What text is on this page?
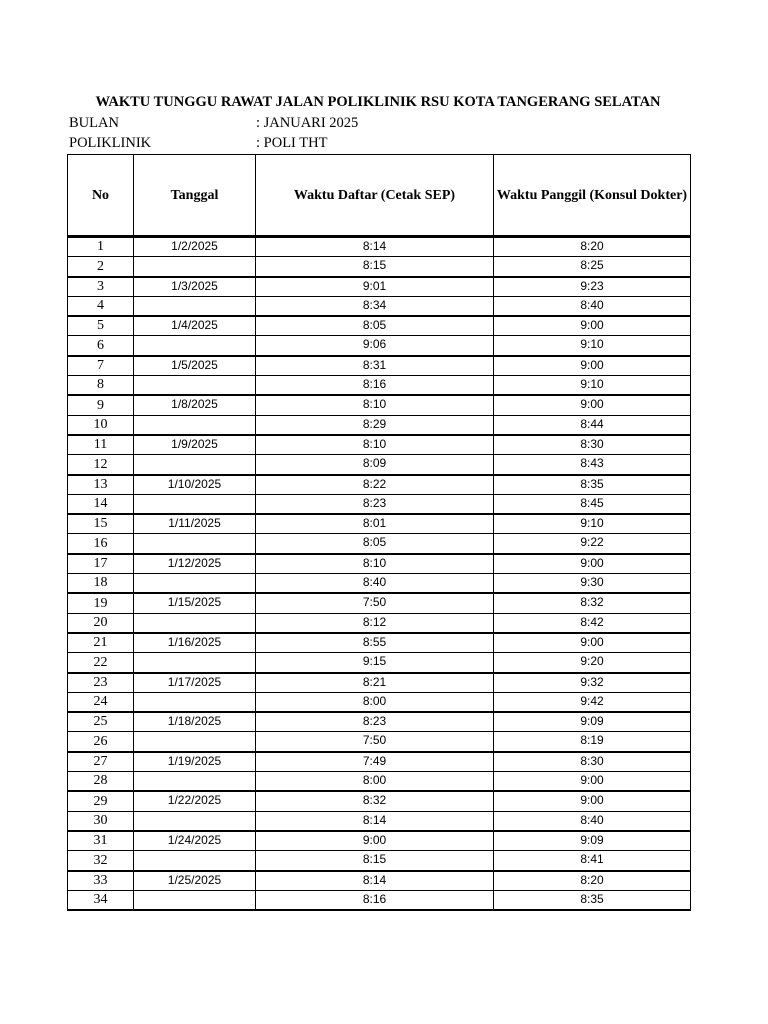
WAKTU TUNGGU RAWAT JALAN POLIKLINIK RSU KOTA TANGERANG SELATAN
BULAN	: JANUARI 2025
POLIKLINIK	: POLI THT
No	Tanggal	Waktu Daftar (Cetak SEP)	Waktu Panggil (Konsul Dokter)
1	1/2/2025	8:14	8:20
2		8:15	8:25
3	1/3/2025	9:01	9:23
4		8:34	8:40
5	1/4/2025	8:05	9:00
6		9:06	9:10
7	1/5/2025	8:31	9:00
8		8:16	9:10
9	1/8/2025	8:10	9:00
10		8:29	8:44
11	1/9/2025	8:10	8:30
12		8:09	8:43
13	1/10/2025	8:22	8:35
14		8:23	8:45
15	1/11/2025	8:01	9:10
16		8:05	9:22
17	1/12/2025	8:10	9:00
18		8:40	9:30
19	1/15/2025	7:50	8:32
20		8:12	8:42
21	1/16/2025	8:55	9:00
22		9:15	9:20
23	1/17/2025	8:21	9:32
24		8:00	9:42
25	1/18/2025	8:23	9:09
26		7:50	8:19
27	1/19/2025	7:49	8:30
28		8:00	9:00
29	1/22/2025	8:32	9:00
30		8:14	8:40
31	1/24/2025	9:00	9:09
32		8:15	8:41
33	1/25/2025	8:14	8:20
34		8:16	8:35
